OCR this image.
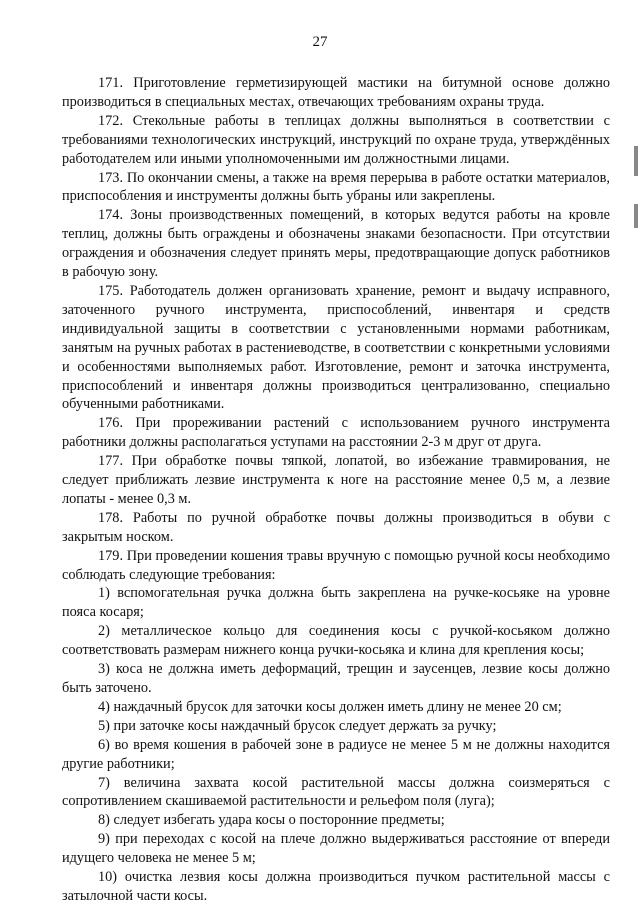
27

171. Приготовление герметизирующей мастики на битумной основе должно производиться в специальных местах, отвечающих требованиям охраны труда.

172. Стекольные работы в теплицах должны выполняться в соответствии с требованиями технологических инструкций, инструкций по охране труда, утверждённых работодателем или иными уполномоченными им должностными лицами.

173. По окончании смены, а также на время перерыва в работе остатки материалов, приспособления и инструменты должны быть убраны или закреплены.

174. Зоны производственных помещений, в которых ведутся работы на кровле теплиц, должны быть ограждены и обозначены знаками безопасности. При отсутствии ограждения и обозначения следует принять меры, предотвращающие допуск работников в рабочую зону.

175. Работодатель должен организовать хранение, ремонт и выдачу исправного, заточенного ручного инструмента, приспособлений, инвентаря и средств индивидуальной защиты в соответствии с установленными нормами работникам, занятым на ручных работах в растениеводстве, в соответствии с конкретными условиями и особенностями выполняемых работ. Изготовление, ремонт и заточка инструмента, приспособлений и инвентаря должны производиться централизованно, специально обученными работниками.

176. При прореживании растений с использованием ручного инструмента работники должны располагаться уступами на расстоянии 2-3 м друг от друга.

177. При обработке почвы тяпкой, лопатой, во избежание травмирования, не следует приближать лезвие инструмента к ноге на расстояние менее 0,5 м, а лезвие лопаты - менее 0,3 м.

178. Работы по ручной обработке почвы должны производиться в обуви с закрытым носком.

179. При проведении кошения травы вручную с помощью ручной косы необходимо соблюдать следующие требования:

1) вспомогательная ручка должна быть закреплена на ручке-косьяке на уровне пояса косаря;

2) металлическое кольцо для соединения косы с ручкой-косьяком должно соответствовать размерам нижнего конца ручки-косьяка и клина для крепления косы;

3) коса не должна иметь деформаций, трещин и заусенцев, лезвие косы должно быть заточено.

4) наждачный брусок для заточки косы должен иметь длину не менее 20 см;

5) при заточке косы наждачный брусок следует держать за ручку;

6) во время кошения в рабочей зоне в радиусе не менее 5 м не должны находится другие работники;

7) величина захвата косой растительной массы должна соизмеряться с сопротивлением скашиваемой растительности и рельефом поля (луга);

8) следует избегать удара косы о посторонние предметы;

9) при переходах с косой на плече должно выдерживаться расстояние от впереди идущего человека не менее 5 м;

10) очистка лезвия косы должна производиться пучком растительной массы с затылочной части косы.
